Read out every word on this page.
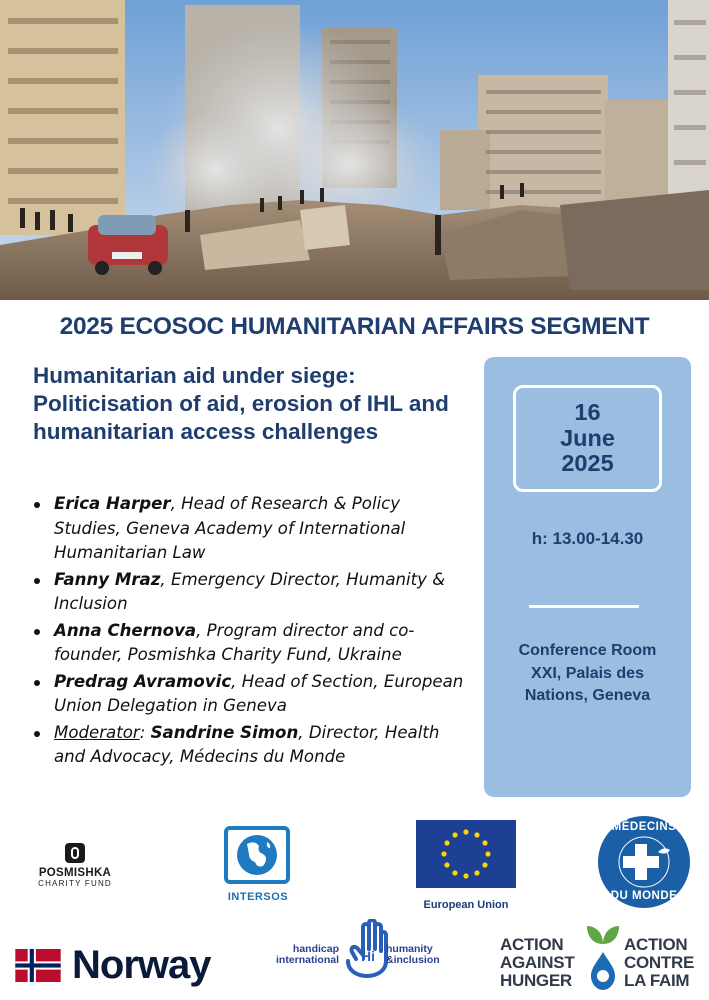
2025 ECOSOC HUMANITARIAN AFFAIRS SEGMENT
Humanitarian aid under siege: Politicisation of aid, erosion of IHL and humanitarian access challenges
Erica Harper, Head of Research & Policy Studies, Geneva Academy of International Humanitarian Law
Fanny Mraz, Emergency Director, Humanity & Inclusion
Anna Chernova, Program director and co-founder, Posmishka Charity Fund, Ukraine
Predrag Avramovic, Head of Section, European Union Delegation in Geneva
Moderator: Sandrine Simon, Director, Health and Advocacy, Médecins du Monde
16
June
2025
h: 13.00-14.30
Conference Room XXI, Palais des Nations, Geneva
POSMISHKA
CHARITY FUND
INTERSOS
European Union
MÉDECINS
DU MONDE
Norway	handicap
international Hi humanity
&inclusion
ACTION
AGAINST
HUNGER
ACTION
CONTRE
LA FAIM
